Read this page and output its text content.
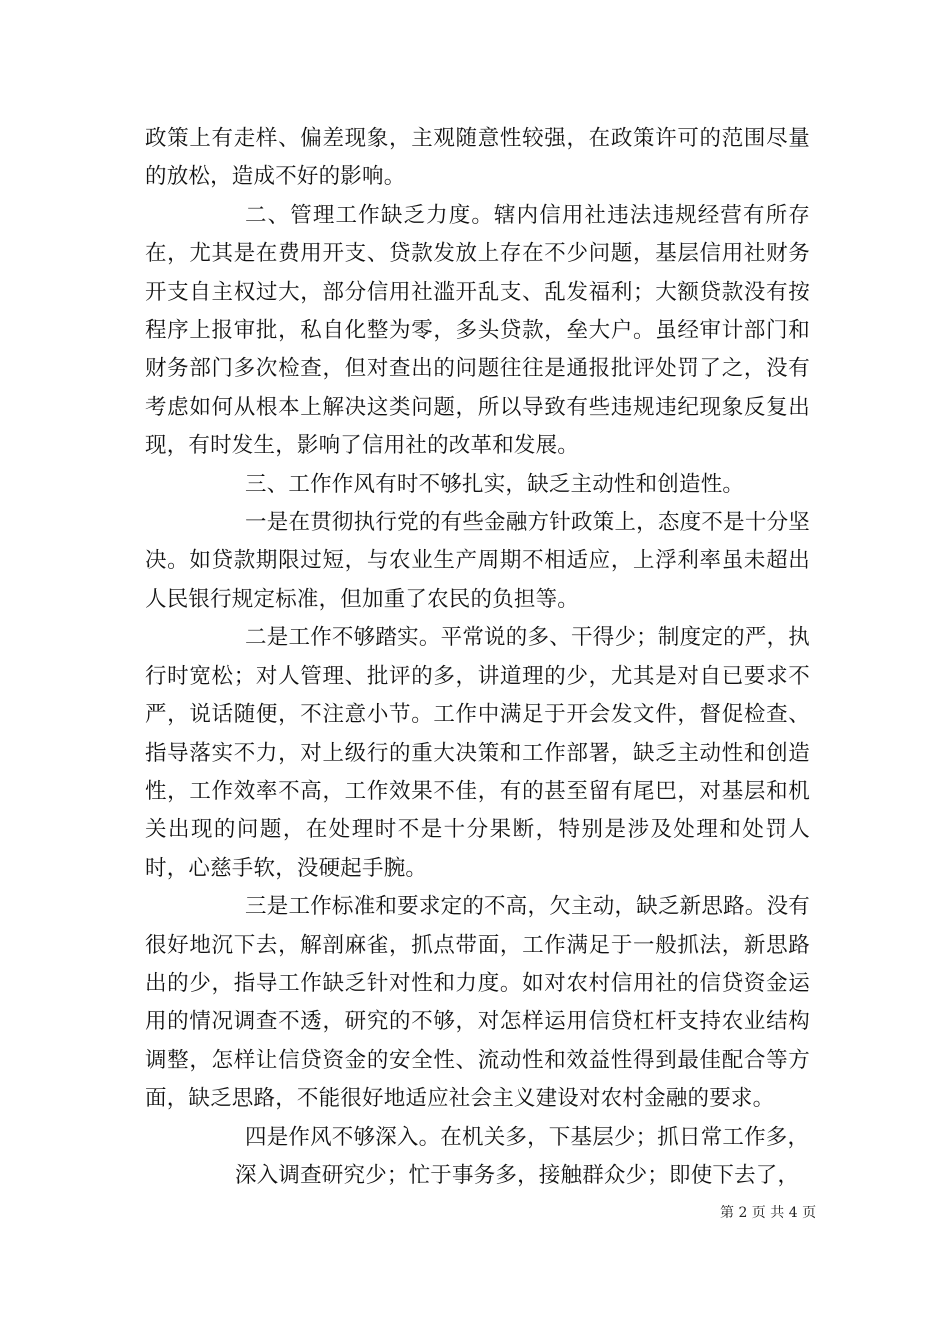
政策上有走样、偏差现象，主观随意性较强，在政策许可的范围尽量的放松，造成不好的影响。

二、管理工作缺乏力度。辖内信用社违法违规经营有所存在，尤其是在费用开支、贷款发放上存在不少问题，基层信用社财务开支自主权过大，部分信用社滥开乱支、乱发福利；大额贷款没有按程序上报审批，私自化整为零，多头贷款，垒大户。虽经审计部门和财务部门多次检查，但对查出的问题往往是通报批评处罚了之，没有考虑如何从根本上解决这类问题，所以导致有些违规违纪现象反复出现，有时发生，影响了信用社的改革和发展。

三、工作作风有时不够扎实，缺乏主动性和创造性。

一是在贯彻执行党的有些金融方针政策上，态度不是十分坚决。如贷款期限过短，与农业生产周期不相适应，上浮利率虽未超出人民银行规定标准，但加重了农民的负担等。

二是工作不够踏实。平常说的多、干得少；制度定的严，执行时宽松；对人管理、批评的多，讲道理的少，尤其是对自已要求不严，说话随便，不注意小节。工作中满足于开会发文件，督促检查、指导落实不力，对上级行的重大决策和工作部署，缺乏主动性和创造性，工作效率不高，工作效果不佳，有的甚至留有尾巴，对基层和机关出现的问题，在处理时不是十分果断，特别是涉及处理和处罚人时，心慈手软，没硬起手腕。

三是工作标准和要求定的不高，欠主动，缺乏新思路。没有很好地沉下去，解剖麻雀，抓点带面，工作满足于一般抓法，新思路出的少，指导工作缺乏针对性和力度。如对农村信用社的信贷资金运用的情况调查不透，研究的不够，对怎样运用信贷杠杆支持农业结构调整，怎样让信贷资金的安全性、流动性和效益性得到最佳配合等方面，缺乏思路，不能很好地适应社会主义建设对农村金融的要求。

四是作风不够深入。在机关多，下基层少；抓日常工作多，
深入调查研究少；忙于事务多，接触群众少；即使下去了，

第 2 页 共 4 页
